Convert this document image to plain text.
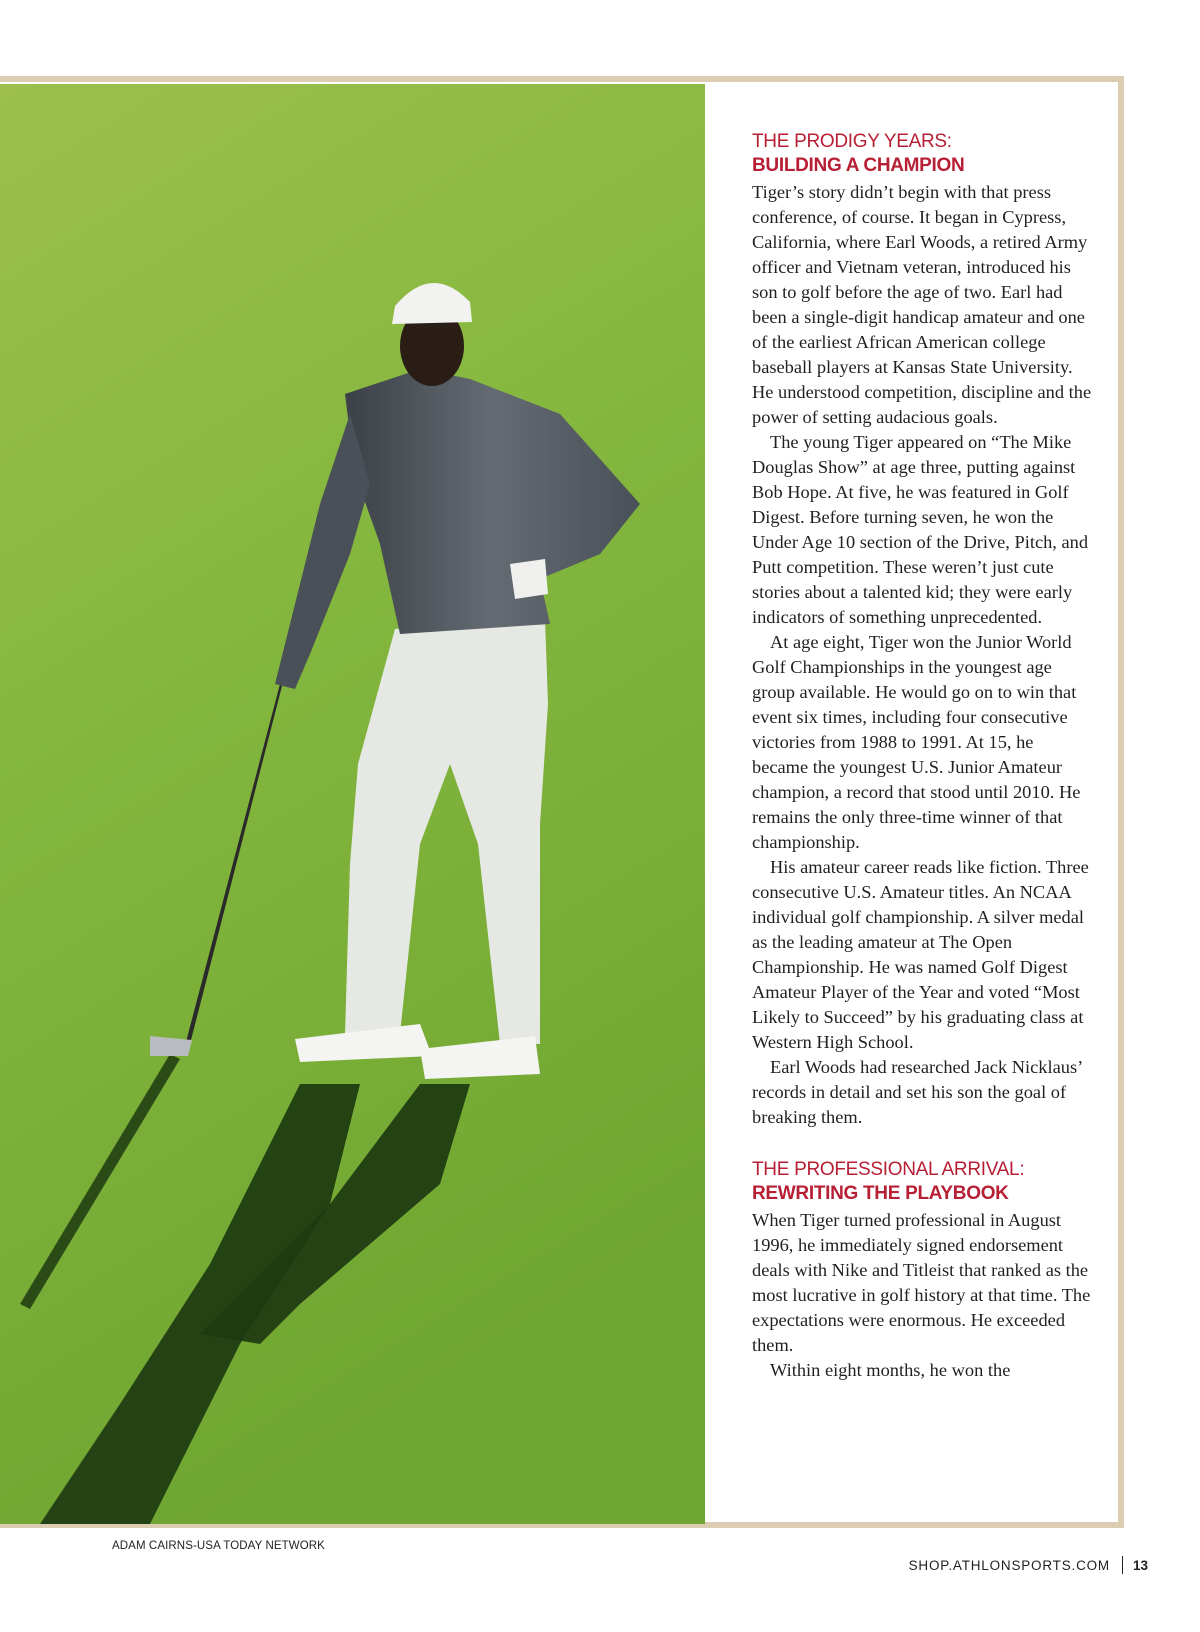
THE PRODIGY YEARS:
BUILDING A CHAMPION

Tiger’s story didn’t begin with that press conference, of course. It began in Cypress, California, where Earl Woods, a retired Army officer and Vietnam veteran, introduced his son to golf before the age of two. Earl had been a single-digit handicap amateur and one of the earliest African American college baseball players at Kansas State University. He understood competition, discipline and the power of setting audacious goals.

The young Tiger appeared on “The Mike Douglas Show” at age three, putting against Bob Hope. At five, he was featured in Golf Digest. Before turning seven, he won the Under Age 10 section of the Drive, Pitch, and Putt competition. These weren’t just cute stories about a talented kid; they were early indicators of something unprecedented.

At age eight, Tiger won the Junior World Golf Championships in the youngest age group available. He would go on to win that event six times, including four consecutive victories from 1988 to 1991. At 15, he became the youngest U.S. Junior Amateur champion, a record that stood until 2010. He remains the only three-time winner of that championship.

His amateur career reads like fiction. Three consecutive U.S. Amateur titles. An NCAA individual golf championship. A silver medal as the leading amateur at The Open Championship. He was named Golf Digest Amateur Player of the Year and voted “Most Likely to Succeed” by his graduating class at Western High School.

Earl Woods had researched Jack Nicklaus’ records in detail and set his son the goal of breaking them.

THE PROFESSIONAL ARRIVAL:
REWRITING THE PLAYBOOK

When Tiger turned professional in August 1996, he immediately signed endorsement deals with Nike and Titleist that ranked as the most lucrative in golf history at that time. The expectations were enormous. He exceeded them.

Within eight months, he won the

ADAM CAIRNS-USA TODAY NETWORK
SHOP.ATHLONSPORTS.COM 13
